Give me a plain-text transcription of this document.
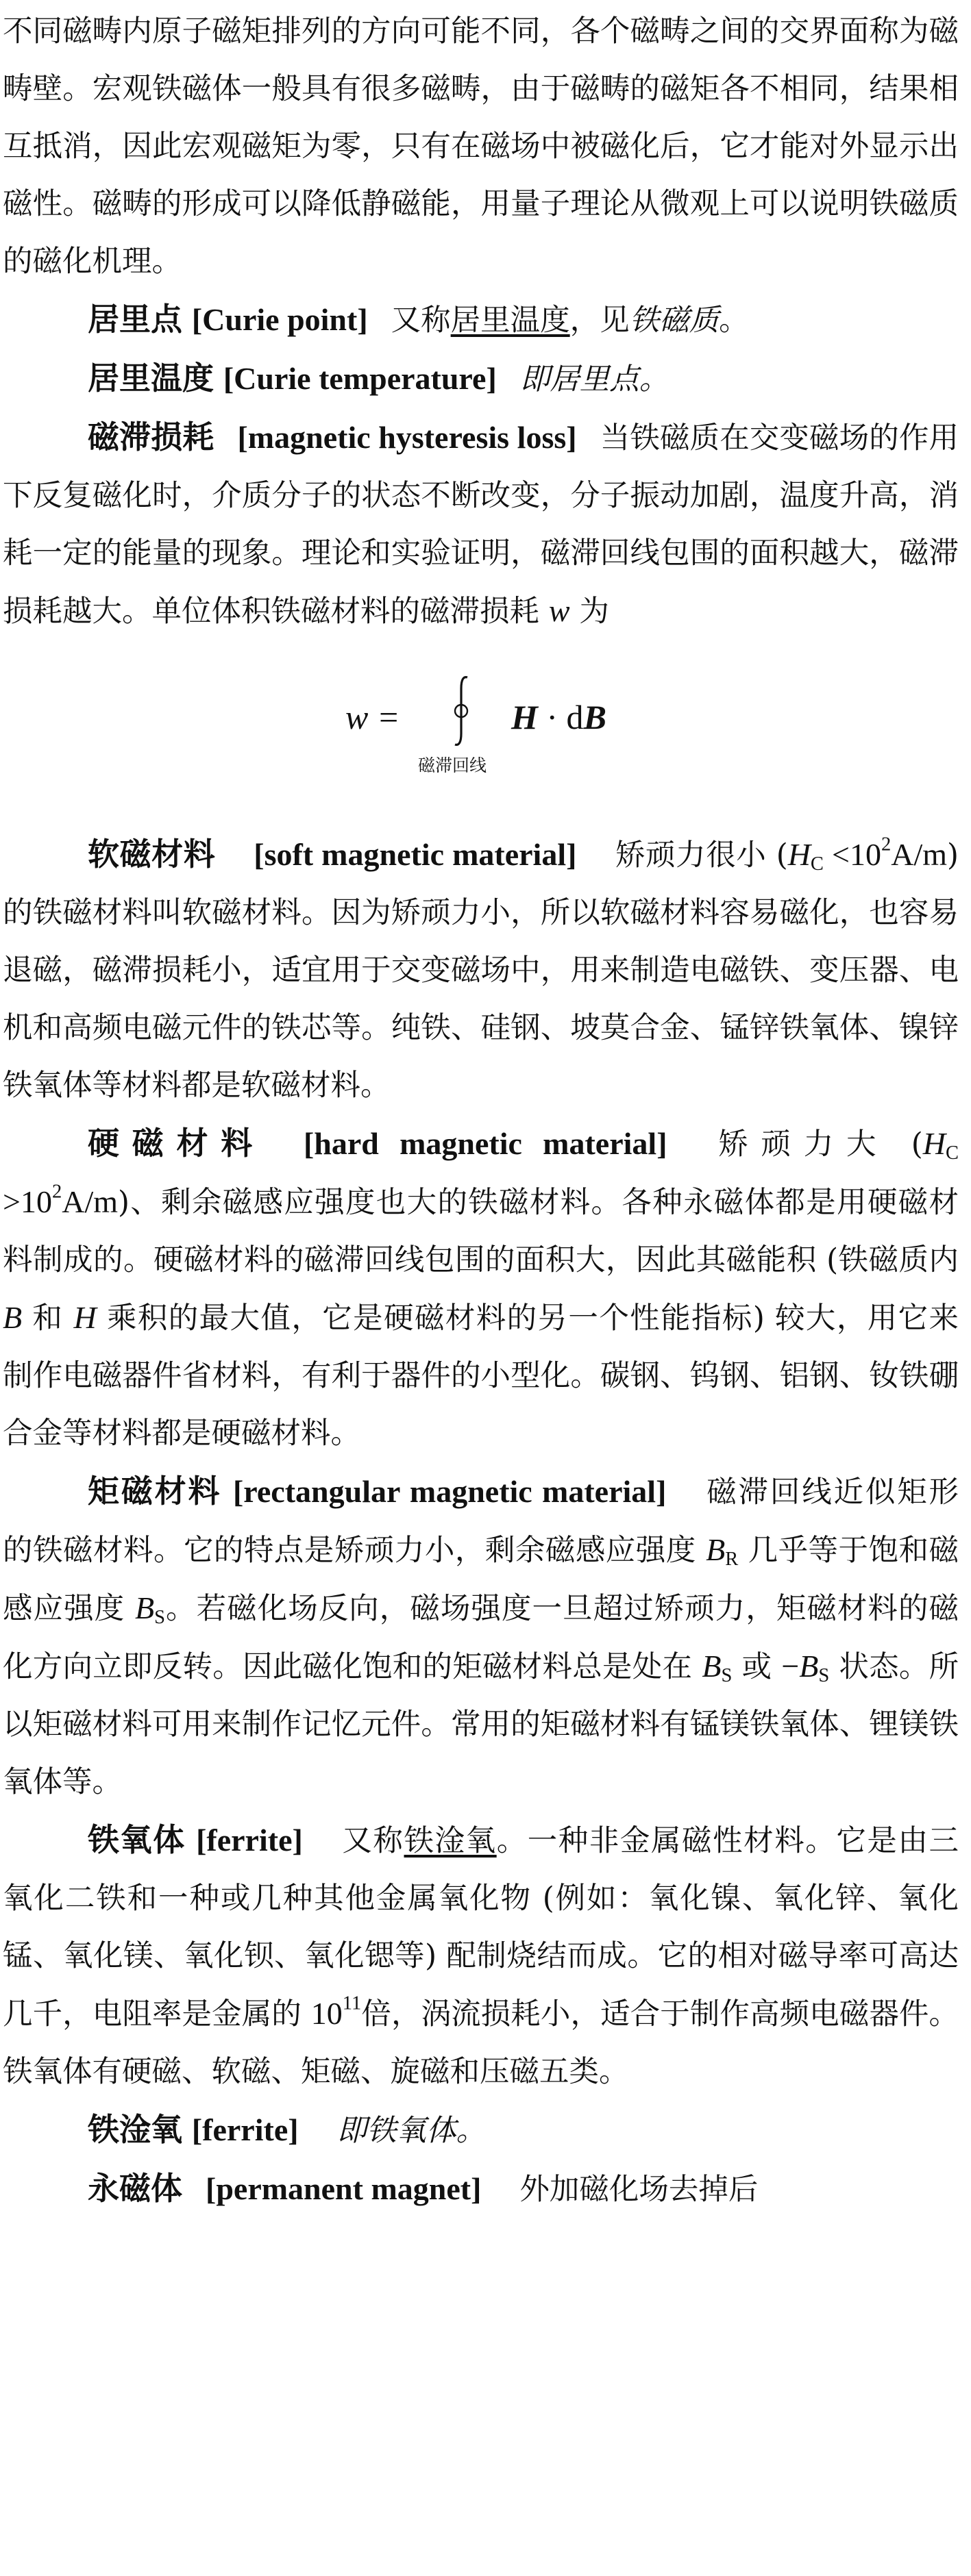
不同磁畴内原子磁矩排列的方向可能不同，各个磁畴之间的交界面称为磁畴壁。宏观铁磁体一般具有很多磁畴，由于磁畴的磁矩各不相同，结果相互抵消，因此宏观磁矩为零，只有在磁场中被磁化后，它才能对外显示出磁性。磁畴的形成可以降低静磁能，用量子理论从微观上可以说明铁磁质的磁化机理。

居里点 [Curie point] 又称居里温度，见铁磁质。

居里温度 [Curie temperature] 即居里点。

磁滞损耗 [magnetic hysteresis loss] 当铁磁质在交变磁场的作用下反复磁化时，介质分子的状态不断改变，分子振动加剧，温度升高，消耗一定的能量的现象。理论和实验证明，磁滞回线包围的面积越大，磁滞损耗越大。单位体积铁磁材料的磁滞损耗 w 为

w =	H · dB
磁滞回线

软磁材料 [soft magnetic material] 矫顽力很小 $(H_C <10^2A/m)$ 的铁磁材料叫软磁材料。因为矫顽力小，所以软磁材料容易磁化，也容易退磁，磁滞损耗小，适宜用于交变磁场中，用来制造电磁铁、变压器、电机和高频电磁元件的铁芯等。纯铁、硅钢、坡莫合金、锰锌铁氧体、镍锌铁氧体等材料都是软磁材料。

硬磁材料 [hard magnetic material] 矫顽力大 $(H_C >10^2A/m)$、剩余磁感应强度也大的铁磁材料。各种永磁体都是用硬磁材料制成的。硬磁材料的磁滞回线包围的面积大，因此其磁能积 (铁磁质内 B 和 H 乘积的最大值，它是硬磁材料的另一个性能指标) 较大，用它来制作电磁器件省材料，有利于器件的小型化。碳钢、钨钢、铝钢、钕铁硼合金等材料都是硬磁材料。

矩磁材料 [rectangular magnetic material] 磁滞回线近似矩形的铁磁材料。它的特点是矫顽力小，剩余磁感应强度 $B_R$ 几乎等于饱和磁感应强度 $B_S$。若磁化场反向，磁场强度一旦超过矫顽力，矩磁材料的磁化方向立即反转。因此磁化饱和的矩磁材料总是处在 $B_S$ 或 $-B_S$ 状态。所以矩磁材料可用来制作记忆元件。常用的矩磁材料有锰镁铁氧体、锂镁铁氧体等。

铁氧体 [ferrite] 又称铁淦氧。一种非金属磁性材料。它是由三氧化二铁和一种或几种其他金属氧化物 (例如：氧化镍、氧化锌、氧化锰、氧化镁、氧化钡、氧化锶等) 配制烧结而成。它的相对磁导率可高达几千，电阻率是金属的 $10^{11}$倍，涡流损耗小，适合于制作高频电磁器件。铁氧体有硬磁、软磁、矩磁、旋磁和压磁五类。

铁淦氧 [ferrite] 即铁氧体。

永磁体 [permanent magnet] 外加磁化场去掉后
